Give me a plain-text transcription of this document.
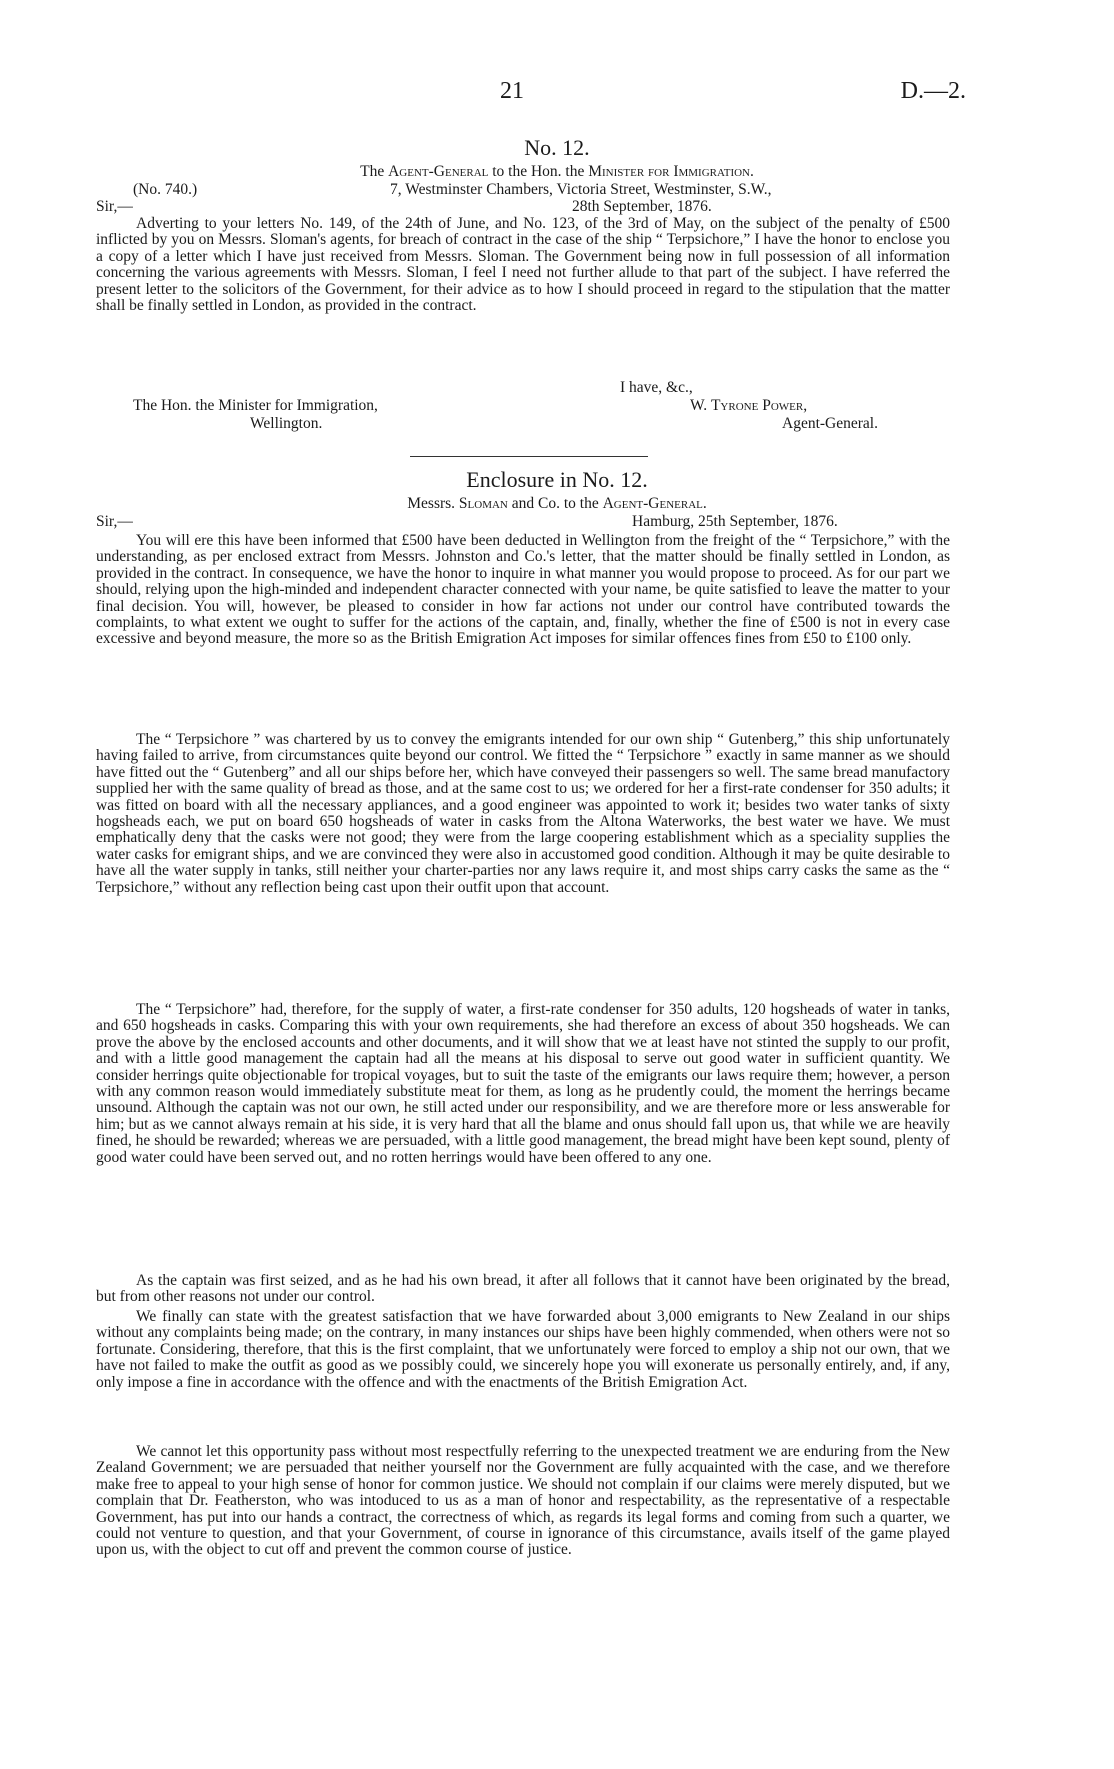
21	D.—2.
No. 12.
The Agent-General to the Hon. the Minister for Immigration.
(No. 740.)	7, Westminster Chambers, Victoria Street, Westminster, S.W.,
Sir,—	28th September, 1876.

Adverting to your letters No. 149, of the 24th of June, and No. 123, of the 3rd of May, on the subject of the penalty of £500 inflicted by you on Messrs. Sloman's agents, for breach of contract in the case of the ship “ Terpsichore,” I have the honor to enclose you a copy of a letter which I have just received from Messrs. Sloman. The Government being now in full possession of all information concerning the various agreements with Messrs. Sloman, I feel I need not further allude to that part of the subject. I have referred the present letter to the solicitors of the Government, for their advice as to how I should proceed in regard to the stipulation that the matter shall be finally settled in London, as provided in the contract.

I have, &c.,
The Hon. the Minister for Immigration,	W. Tyrone Power,
Wellington.	Agent-General.
Enclosure in No. 12.
Messrs. Sloman and Co. to the Agent-General.
Sir,—	Hamburg, 25th September, 1876.

You will ere this have been informed that £500 have been deducted in Wellington from the freight of the “ Terpsichore,” with the understanding, as per enclosed extract from Messrs. Johnston and Co.'s letter, that the matter should be finally settled in London, as provided in the contract. In consequence, we have the honor to inquire in what manner you would propose to proceed. As for our part we should, relying upon the high-minded and independent character connected with your name, be quite satisfied to leave the matter to your final decision. You will, however, be pleased to consider in how far actions not under our control have contributed towards the complaints, to what extent we ought to suffer for the actions of the captain, and, finally, whether the fine of £500 is not in every case excessive and beyond measure, the more so as the British Emigration Act imposes for similar offences fines from £50 to £100 only.

The “ Terpsichore ” was chartered by us to convey the emigrants intended for our own ship “ Gutenberg,” this ship unfortunately having failed to arrive, from circumstances quite beyond our control. We fitted the “ Terpsichore ” exactly in same manner as we should have fitted out the “ Gutenberg” and all our ships before her, which have conveyed their passengers so well. The same bread manufactory supplied her with the same quality of bread as those, and at the same cost to us; we ordered for her a first-rate condenser for 350 adults; it was fitted on board with all the necessary appliances, and a good engineer was appointed to work it; besides two water tanks of sixty hogsheads each, we put on board 650 hogsheads of water in casks from the Altona Waterworks, the best water we have. We must emphatically deny that the casks were not good; they were from the large coopering establishment which as a speciality supplies the water casks for emigrant ships, and we are convinced they were also in accustomed good condition. Although it may be quite desirable to have all the water supply in tanks, still neither your charter-parties nor any laws require it, and most ships carry casks the same as the “ Terpsichore,” without any reflection being cast upon their outfit upon that account.

The “ Terpsichore” had, therefore, for the supply of water, a first-rate condenser for 350 adults, 120 hogsheads of water in tanks, and 650 hogsheads in casks. Comparing this with your own requirements, she had therefore an excess of about 350 hogsheads. We can prove the above by the enclosed accounts and other documents, and it will show that we at least have not stinted the supply to our profit, and with a little good management the captain had all the means at his disposal to serve out good water in sufficient quantity. We consider herrings quite objectionable for tropical voyages, but to suit the taste of the emigrants our laws require them; however, a person with any common reason would immediately substitute meat for them, as long as he prudently could, the moment the herrings became unsound. Although the captain was not our own, he still acted under our responsibility, and we are therefore more or less answerable for him; but as we cannot always remain at his side, it is very hard that all the blame and onus should fall upon us, that while we are heavily fined, he should be rewarded; whereas we are persuaded, with a little good management, the bread might have been kept sound, plenty of good water could have been served out, and no rotten herrings would have been offered to any one.

As the captain was first seized, and as he had his own bread, it after all follows that it cannot have been originated by the bread, but from other reasons not under our control.

We finally can state with the greatest satisfaction that we have forwarded about 3,000 emigrants to New Zealand in our ships without any complaints being made; on the contrary, in many instances our ships have been highly commended, when others were not so fortunate. Considering, therefore, that this is the first complaint, that we unfortunately were forced to employ a ship not our own, that we have not failed to make the outfit as good as we possibly could, we sincerely hope you will exonerate us personally entirely, and, if any, only impose a fine in accordance with the offence and with the enactments of the British Emigration Act.

We cannot let this opportunity pass without most respectfully referring to the unexpected treatment we are enduring from the New Zealand Government; we are persuaded that neither yourself nor the Government are fully acquainted with the case, and we therefore make free to appeal to your high sense of honor for common justice. We should not complain if our claims were merely disputed, but we complain that Dr. Featherston, who was intoduced to us as a man of honor and respectability, as the representative of a respectable Government, has put into our hands a contract, the correctness of which, as regards its legal forms and coming from such a quarter, we could not venture to question, and that your Government, of course in ignorance of this circumstance, avails itself of the game played upon us, with the object to cut off and prevent the common course of justice.
